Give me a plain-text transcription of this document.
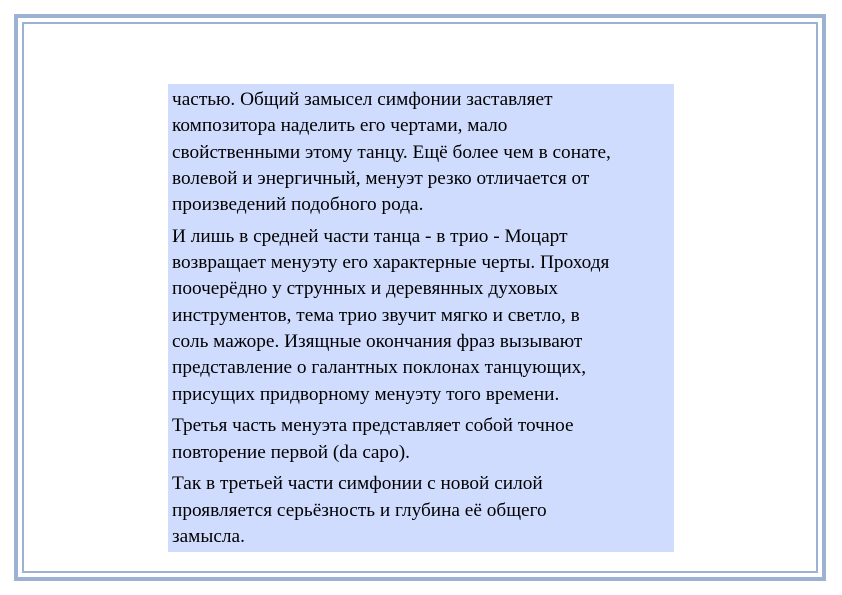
частью. Общий замысел симфонии заставляет
композитора наделить его чертами, мало
свойственными этому танцу. Ещё более чем в сонате,
волевой и энергичный, менуэт резко отличается от
произведений подобного рода.

И лишь в средней части танца - в трио - Моцарт
возвращает менуэту его характерные черты. Проходя
поочерёдно у струнных и деревянных духовых
инструментов, тема трио звучит мягко и светло, в
соль мажоре. Изящные окончания фраз вызывают
представление о галантных поклонах танцующих,
присущих придворному менуэту того времени.

Третья часть менуэта представляет собой точное
повторение первой (da capo).

Так в третьей части симфонии с новой силой
проявляется серьёзность и глубина её общего
замысла.
